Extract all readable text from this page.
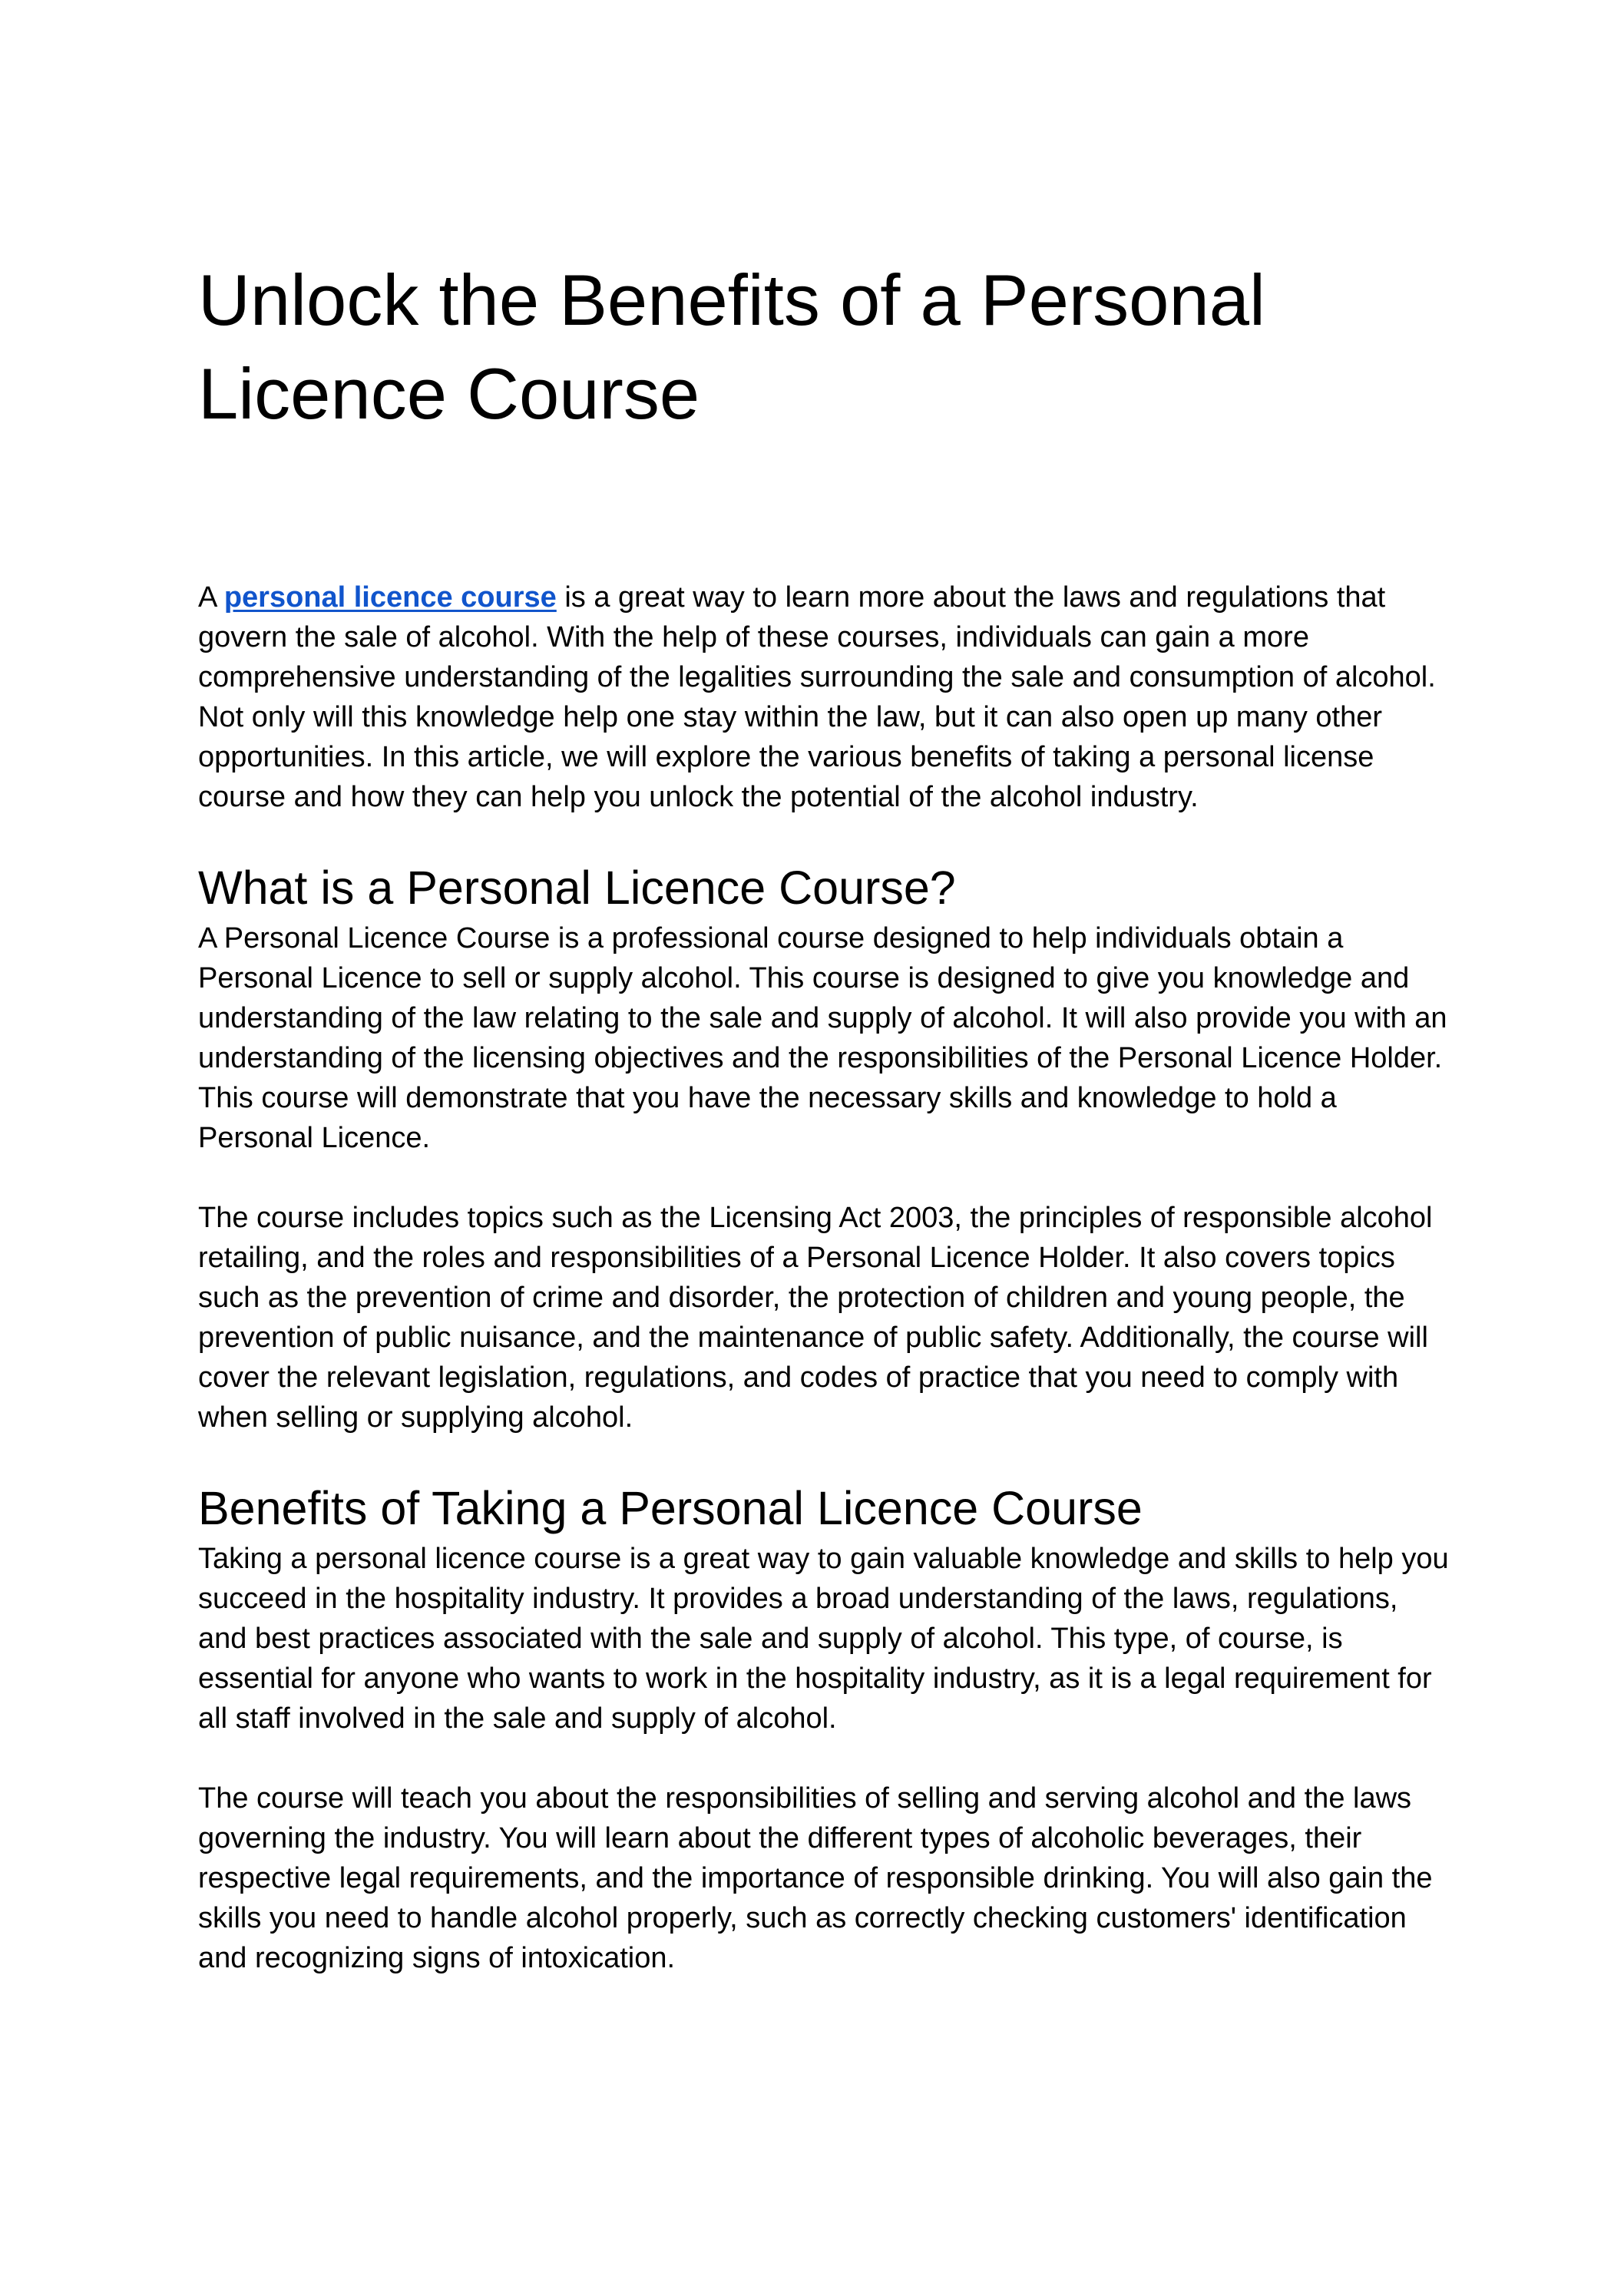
Unlock the Benefits of a Personal Licence Course

A personal licence course is a great way to learn more about the laws and regulations that govern the sale of alcohol. With the help of these courses, individuals can gain a more comprehensive understanding of the legalities surrounding the sale and consumption of alcohol. Not only will this knowledge help one stay within the law, but it can also open up many other opportunities. In this article, we will explore the various benefits of taking a personal license course and how they can help you unlock the potential of the alcohol industry.

What is a Personal Licence Course?

A Personal Licence Course is a professional course designed to help individuals obtain a Personal Licence to sell or supply alcohol. This course is designed to give you knowledge and understanding of the law relating to the sale and supply of alcohol. It will also provide you with an understanding of the licensing objectives and the responsibilities of the Personal Licence Holder. This course will demonstrate that you have the necessary skills and knowledge to hold a Personal Licence.

The course includes topics such as the Licensing Act 2003, the principles of responsible alcohol retailing, and the roles and responsibilities of a Personal Licence Holder. It also covers topics such as the prevention of crime and disorder, the protection of children and young people, the prevention of public nuisance, and the maintenance of public safety. Additionally, the course will cover the relevant legislation, regulations, and codes of practice that you need to comply with when selling or supplying alcohol.

Benefits of Taking a Personal Licence Course

Taking a personal licence course is a great way to gain valuable knowledge and skills to help you succeed in the hospitality industry. It provides a broad understanding of the laws, regulations, and best practices associated with the sale and supply of alcohol. This type, of course, is essential for anyone who wants to work in the hospitality industry, as it is a legal requirement for all staff involved in the sale and supply of alcohol.

The course will teach you about the responsibilities of selling and serving alcohol and the laws governing the industry. You will learn about the different types of alcoholic beverages, their respective legal requirements, and the importance of responsible drinking. You will also gain the skills you need to handle alcohol properly, such as correctly checking customers' identification and recognizing signs of intoxication.
